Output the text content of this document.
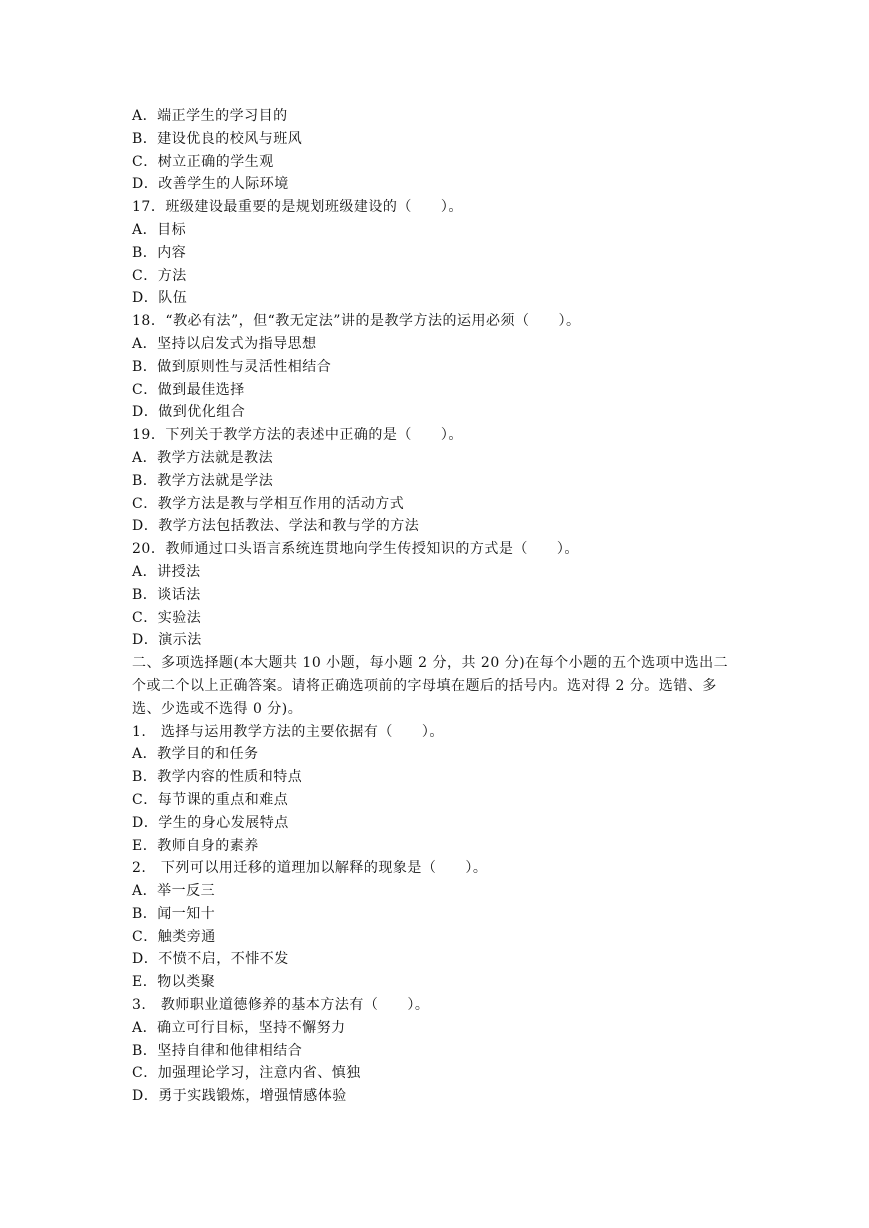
A．端正学生的学习目的
B．建设优良的校风与班风
C．树立正确的学生观
D．改善学生的人际环境
17．班级建设最重要的是规划班级建设的（　　）。
A．目标
B．内容
C．方法
D．队伍
18．“教必有法”，但“教无定法”讲的是教学方法的运用必须（　　）。
A．坚持以启发式为指导思想
B．做到原则性与灵活性相结合
C．做到最佳选择
D．做到优化组合
19．下列关于教学方法的表述中正确的是（　　）。
A．教学方法就是教法
B．教学方法就是学法
C．教学方法是教与学相互作用的活动方式
D．教学方法包括教法、学法和教与学的方法
20．教师通过口头语言系统连贯地向学生传授知识的方式是（　　）。
A．讲授法
B．谈话法
C．实验法
D．演示法
二、多项选择题(本大题共 10 小题，每小题 2 分，共 20 分)在每个小题的五个选项中选出二
个或二个以上正确答案。请将正确选项前的字母填在题后的括号内。选对得 2 分。选错、多
选、少选或不选得 0 分)。
1.　选择与运用教学方法的主要依据有（　　）。
A．教学目的和任务
B．教学内容的性质和特点
C．每节课的重点和难点
D．学生的身心发展特点
E．教师自身的素养
2.　下列可以用迁移的道理加以解释的现象是（　　）。
A．举一反三
B．闻一知十
C．触类旁通
D．不愤不启，不悱不发
E．物以类聚
3.　教师职业道德修养的基本方法有（　　）。
A．确立可行目标，坚持不懈努力
B．坚持自律和他律相结合
C．加强理论学习，注意内省、慎独
D．勇于实践锻炼，增强情感体验
